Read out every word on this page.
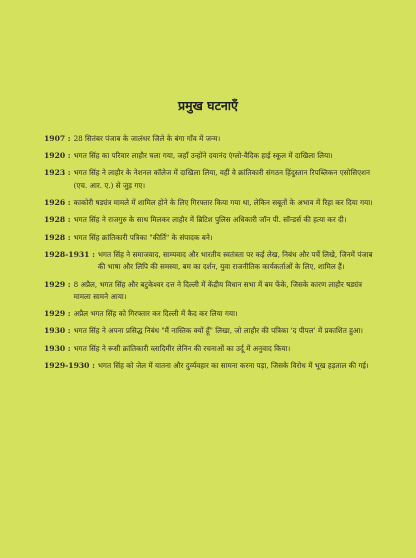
प्रमुख घटनाएँ
1907 : 28 सितंबर पंजाब के जालंधर जिले के बंगा गाँव में जन्म।
1920 : भगत सिंह का परिवार लाहौर चला गया, जहाँ उन्होंने दयानंद एंग्लो-वैदिक हाई स्कूल में दाखिला लिया।
1923 : भगत सिंह ने लाहौर के नेशनल कॉलेज में दाखिला लिया, वहीं वे क्रांतिकारी संगठन हिंदुस्तान रिपब्लिकन एसोसिएशन (एच. आर. ए.) से जुड़ गए।
1926 : काकोरी षड्यंत्र मामले में शामिल होने के लिए गिरफ्तार किया गया था, लेकिन सबूतों के अभाव में रिहा कर दिया गया।
1928 : भगत सिंह ने राजगुरु के साथ मिलकर लाहौर में ब्रिटिश पुलिस अधिकारी जॉन पी. सॉन्डर्स की हत्या कर दी।
1928 : भगत सिंह क्रांतिकारी पत्रिका "कीर्ति" के संपादक बने।
1928-1931 : भगत सिंह ने समाजवाद, साम्यवाद और भारतीय स्वतंत्रता पर कई लेख, निबंध और पर्चे लिखे, जिनमें पंजाब की भाषा और लिपि की समस्या, बम का दर्शन, युवा राजनीतिक कार्यकर्ताओं के लिए, शामिल हैं।
1929 : 8 अप्रैल, भगत सिंह और बटुकेश्वर दत्त ने दिल्ली में केंद्रीय विधान सभा में बम फेंके, जिसके कारण लाहौर षड्यंत्र मामला सामने आया।
1929 : अप्रैल भगत सिंह को गिरफ्तार कर दिल्ली में कैद कर लिया गया।
1930 : भगत सिंह ने अपना प्रसिद्ध निबंध "मैं नास्तिक क्यों हूँ" लिखा, जो लाहौर की पत्रिका 'द पीपल' में प्रकाशित हुआ।
1930 : भगत सिंह ने रूसी क्रांतिकारी व्लादिमीर लेनिन की रचनाओं का उर्दू में अनुवाद किया।
1929-1930 : भगत सिंह को जेल में यातना और दुर्व्यवहार का सामना करना पड़ा, जिसके विरोध में भूख हड़ताल की गई।
